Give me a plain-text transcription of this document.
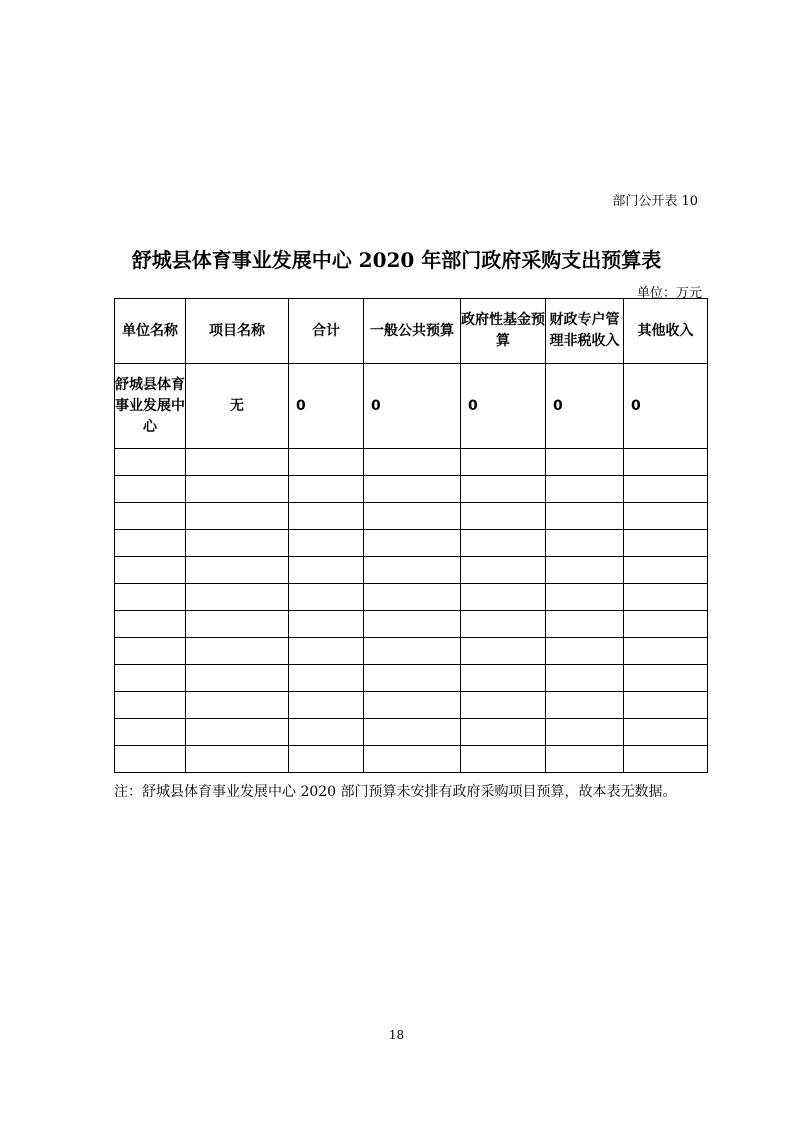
部门公开表 10
舒城县体育事业发展中心 2020 年部门政府采购支出预算表
单位：万元
单位名称	项目名称	合计	一般公共预算	政府性基金预算	财政专户管理非税收入	其他收入
舒城县体育事业发展中心	无	0	0	0	0	0

注：舒城县体育事业发展中心 2020 部门预算未安排有政府采购项目预算，故本表无数据。
18
